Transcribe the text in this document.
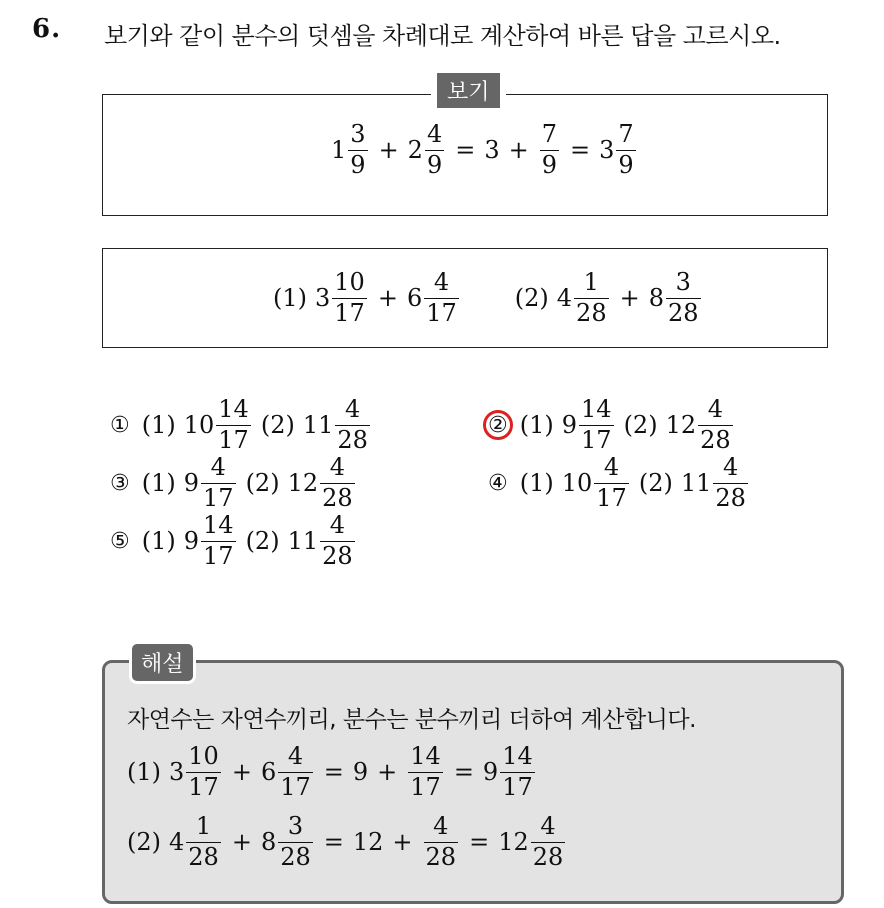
6. 보기와 같이 분수의 덧셈을 차례대로 계산하여 바른 답을 고르시오.
보기
$1 \frac{3}{9} + 2 \frac{4}{9} = 3 + \frac{7}{9} = 3 \frac{7}{9}$
(1) $3 \frac{10}{17} + 6 \frac{4}{17} (2)$ $4 \frac{1}{28} + 8 \frac{3}{28}$
① (1) $10 \frac{14}{17} (2)$ $11 \frac{4}{28}$	② (1) $9 \frac{14}{17} (2)$ $12 \frac{4}{28}$
③ (1) $9 \frac{4}{17} (2)$ $12 \frac{4}{28}$	④ (1) $10 \frac{4}{17} (2)$ $11 \frac{4}{28}$
⑤ (1) $9 \frac{14}{17} (2)$ $11 \frac{4}{28}$
해설
자연수는 자연수끼리, 분수는 분수끼리 더하여 계산합니다.
(1) $3 \frac{10}{17} + 6 \frac{4}{17} = 9 + \frac{14}{17} = 9 \frac{14}{17}$
(2) $4 \frac{1}{28} + 8 \frac{3}{28} = 12 + \frac{4}{28} = 12 \frac{4}{28}$
